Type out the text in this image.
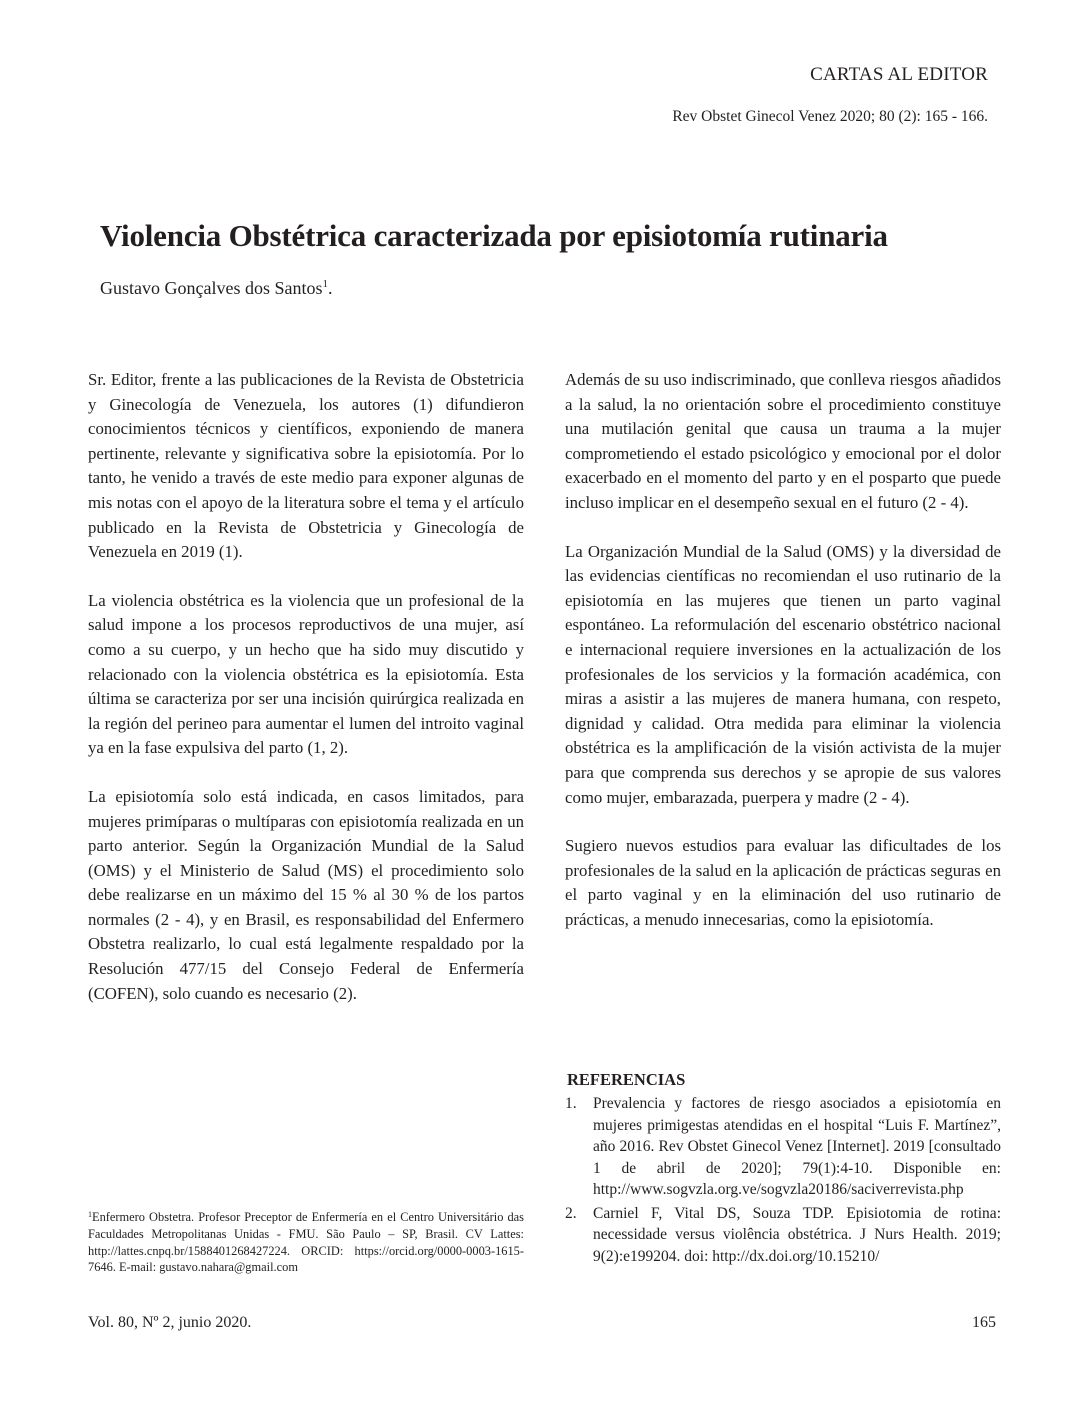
CARTAS AL EDITOR
Rev Obstet Ginecol Venez 2020; 80 (2): 165 - 166.
Violencia Obstétrica caracterizada por episiotomía rutinaria
Gustavo Gonçalves dos Santos$^1$.

Sr. Editor, frente a las publicaciones de la Revista de Obstetricia y Ginecología de Venezuela, los autores (1) difundieron conocimientos técnicos y científicos, exponiendo de manera pertinente, relevante y significativa sobre la episiotomía. Por lo tanto, he venido a través de este medio para exponer algunas de mis notas con el apoyo de la literatura sobre el tema y el artículo publicado en la Revista de Obstetricia y Ginecología de Venezuela en 2019 (1).

La violencia obstétrica es la violencia que un profesional de la salud impone a los procesos reproductivos de una mujer, así como a su cuerpo, y un hecho que ha sido muy discutido y relacionado con la violencia obstétrica es la episiotomía. Esta última se caracteriza por ser una incisión quirúrgica realizada en la región del perineo para aumentar el lumen del introito vaginal ya en la fase expulsiva del parto (1, 2).

La episiotomía solo está indicada, en casos limitados, para mujeres primíparas o multíparas con episiotomía realizada en un parto anterior. Según la Organización Mundial de la Salud (OMS) y el Ministerio de Salud (MS) el procedimiento solo debe realizarse en un máximo del 15 % al 30 % de los partos normales (2 - 4), y en Brasil, es responsabilidad del Enfermero Obstetra realizarlo, lo cual está legalmente respaldado por la Resolución 477/15 del Consejo Federal de Enfermería (COFEN), solo cuando es necesario (2).

Además de su uso indiscriminado, que conlleva riesgos añadidos a la salud, la no orientación sobre el procedimiento constituye una mutilación genital que causa un trauma a la mujer comprometiendo el estado psicológico y emocional por el dolor exacerbado en el momento del parto y en el posparto que puede incluso implicar en el desempeño sexual en el futuro (2 - 4).

La Organización Mundial de la Salud (OMS) y la diversidad de las evidencias científicas no recomiendan el uso rutinario de la episiotomía en las mujeres que tienen un parto vaginal espontáneo. La reformulación del escenario obstétrico nacional e internacional requiere inversiones en la actualización de los profesionales de los servicios y la formación académica, con miras a asistir a las mujeres de manera humana, con respeto, dignidad y calidad. Otra medida para eliminar la violencia obstétrica es la amplificación de la visión activista de la mujer para que comprenda sus derechos y se apropie de sus valores como mujer, embarazada, puerpera y madre (2 - 4).

Sugiero nuevos estudios para evaluar las dificultades de los profesionales de la salud en la aplicación de prácticas seguras en el parto vaginal y en la eliminación del uso rutinario de prácticas, a menudo innecesarias, como la episiotomía.

REFERENCIAS
1.	Prevalencia y factores de riesgo asociados a episiotomía en mujeres primigestas atendidas en el hospital “Luis F. Martínez”, año 2016. Rev Obstet Ginecol Venez [Internet]. 2019 [consultado 1 de abril de 2020]; 79(1):4-10. Disponible en: http://www.sogvzla.org.ve/sogvzla20186/saciverrevista.php
2.	Carniel F, Vital DS, Souza TDP. Episiotomia de rotina: necessidade versus violência obstétrica. J Nurs Health. 2019; 9(2):e199204. doi: http://dx.doi.org/10.15210/
$^1$Enfermero Obstetra. Profesor Preceptor de Enfermería en el Centro Universitário das Faculdades Metropolitanas Unidas - FMU. São Paulo – SP, Brasil. CV Lattes: http://lattes.cnpq.br/1588401268427224. ORCID: https://orcid.org/0000-0003-1615-7646. E-mail: gustavo.nahara@gmail.com
Vol. 80, Nº 2, junio 2020.	165
